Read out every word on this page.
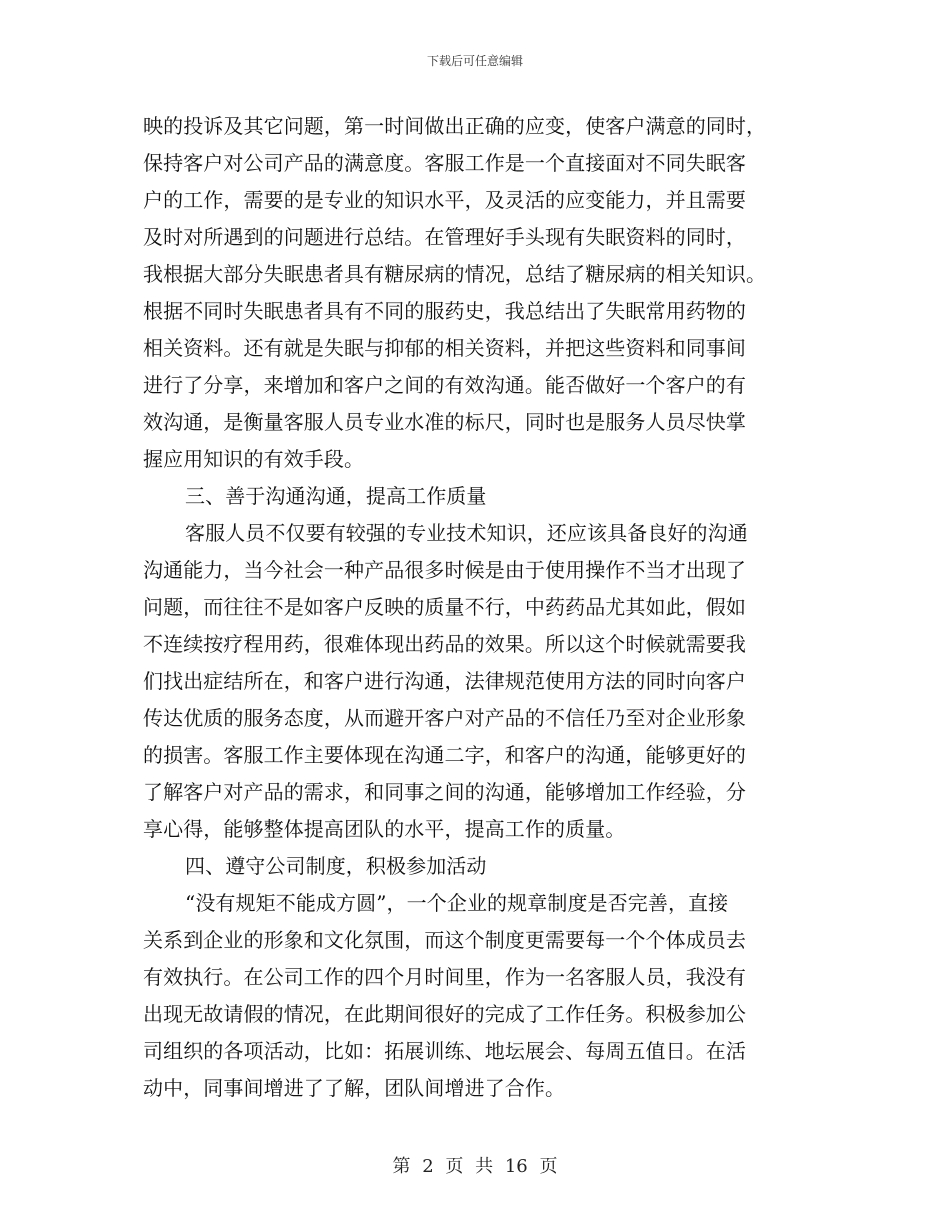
下载后可任意编辑
映的投诉及其它问题，第一时间做出正确的应变，使客户满意的同时，
保持客户对公司产品的满意度。客服工作是一个直接面对不同失眠客
户的工作，需要的是专业的知识水平，及灵活的应变能力，并且需要
及时对所遇到的问题进行总结。在管理好手头现有失眠资料的同时，
我根据大部分失眠患者具有糖尿病的情况，总结了糖尿病的相关知识。
根据不同时失眠患者具有不同的服药史，我总结出了失眠常用药物的
相关资料。还有就是失眠与抑郁的相关资料，并把这些资料和同事间
进行了分享，来增加和客户之间的有效沟通。能否做好一个客户的有
效沟通，是衡量客服人员专业水准的标尺，同时也是服务人员尽快掌
握应用知识的有效手段。
三、善于沟通沟通，提高工作质量
客服人员不仅要有较强的专业技术知识，还应该具备良好的沟通
沟通能力，当今社会一种产品很多时候是由于使用操作不当才出现了
问题，而往往不是如客户反映的质量不行，中药药品尤其如此，假如
不连续按疗程用药，很难体现出药品的效果。所以这个时候就需要我
们找出症结所在，和客户进行沟通，法律规范使用方法的同时向客户
传达优质的服务态度，从而避开客户对产品的不信任乃至对企业形象
的损害。客服工作主要体现在沟通二字，和客户的沟通，能够更好的
了解客户对产品的需求，和同事之间的沟通，能够增加工作经验，分
享心得，能够整体提高团队的水平，提高工作的质量。
四、遵守公司制度，积极参加活动
“没有规矩不能成方圆”，一个企业的规章制度是否完善，直接
关系到企业的形象和文化氛围，而这个制度更需要每一个个体成员去
有效执行。在公司工作的四个月时间里，作为一名客服人员，我没有
出现无故请假的情况，在此期间很好的完成了工作任务。积极参加公
司组织的各项活动，比如：拓展训练、地坛展会、每周五值日。在活
动中，同事间增进了了解，团队间增进了合作。
第 2 页 共 16 页
